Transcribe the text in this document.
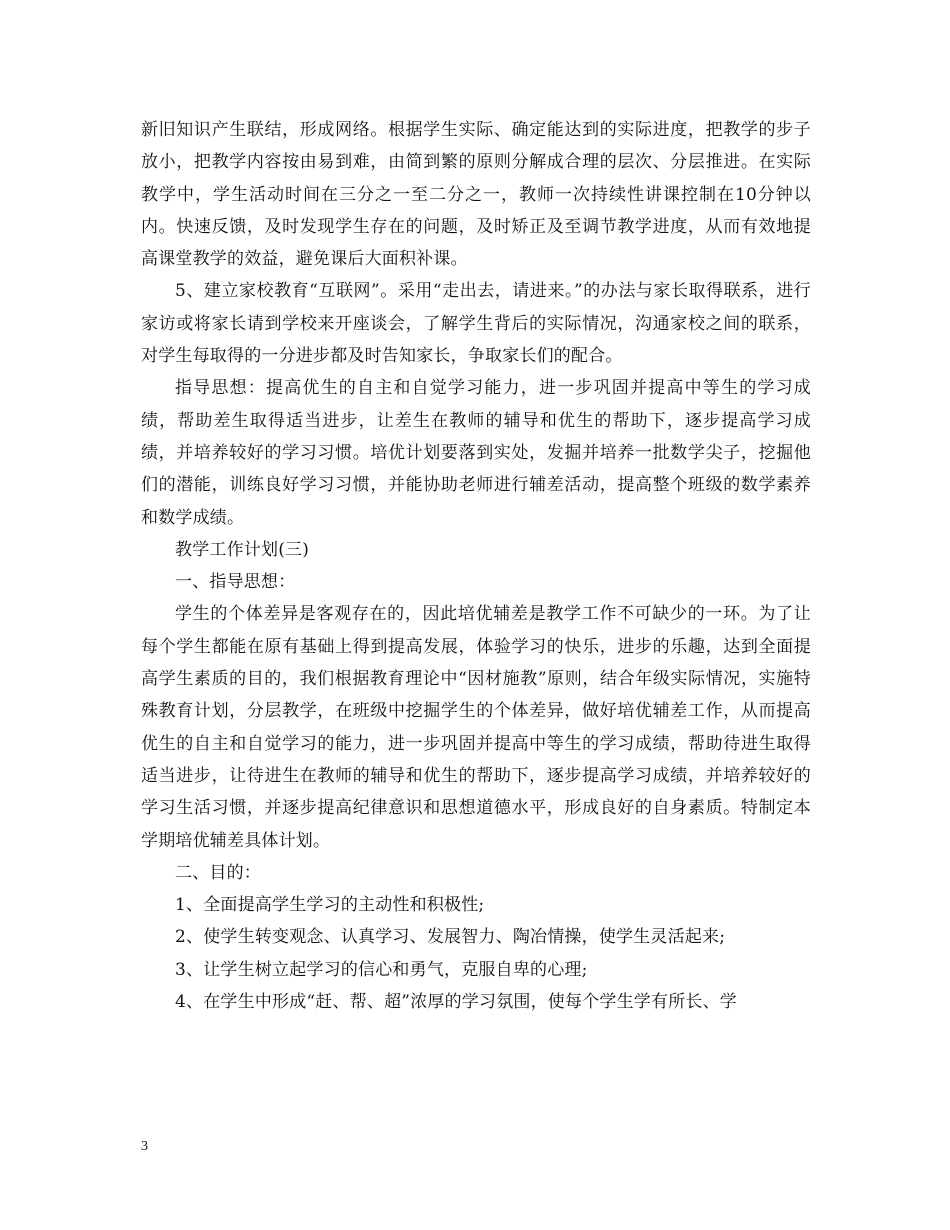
新旧知识产生联结，形成网络。根据学生实际、确定能达到的实际进度，把教学的步子放小，把教学内容按由易到难，由简到繁的原则分解成合理的层次、分层推进。在实际教学中，学生活动时间在三分之一至二分之一，教师一次持续性讲课控制在10分钟以内。快速反馈，及时发现学生存在的问题，及时矫正及至调节教学进度，从而有效地提高课堂教学的效益，避免课后大面积补课。

5、建立家校教育“互联网”。采用“走出去，请进来。”的办法与家长取得联系，进行家访或将家长请到学校来开座谈会，了解学生背后的实际情况，沟通家校之间的联系，对学生每取得的一分进步都及时告知家长，争取家长们的配合。

指导思想：提高优生的自主和自觉学习能力，进一步巩固并提高中等生的学习成绩，帮助差生取得适当进步，让差生在教师的辅导和优生的帮助下，逐步提高学习成绩，并培养较好的学习习惯。培优计划要落到实处，发掘并培养一批数学尖子，挖掘他们的潜能，训练良好学习习惯，并能协助老师进行辅差活动，提高整个班级的数学素养和数学成绩。

教学工作计划(三)

一、指导思想：

学生的个体差异是客观存在的，因此培优辅差是教学工作不可缺少的一环。为了让每个学生都能在原有基础上得到提高发展，体验学习的快乐，进步的乐趣，达到全面提高学生素质的目的，我们根据教育理论中“因材施教”原则，结合年级实际情况，实施特殊教育计划，分层教学，在班级中挖掘学生的个体差异，做好培优辅差工作，从而提高优生的自主和自觉学习的能力，进一步巩固并提高中等生的学习成绩，帮助待进生取得适当进步，让待进生在教师的辅导和优生的帮助下，逐步提高学习成绩，并培养较好的学习生活习惯，并逐步提高纪律意识和思想道德水平，形成良好的自身素质。特制定本学期培优辅差具体计划。

二、目的：

1、全面提高学生学习的主动性和积极性;

2、使学生转变观念、认真学习、发展智力、陶冶情操，使学生灵活起来;

3、让学生树立起学习的信心和勇气，克服自卑的心理;

4、在学生中形成“赶、帮、超”浓厚的学习氛围，使每个学生学有所长、学

3
